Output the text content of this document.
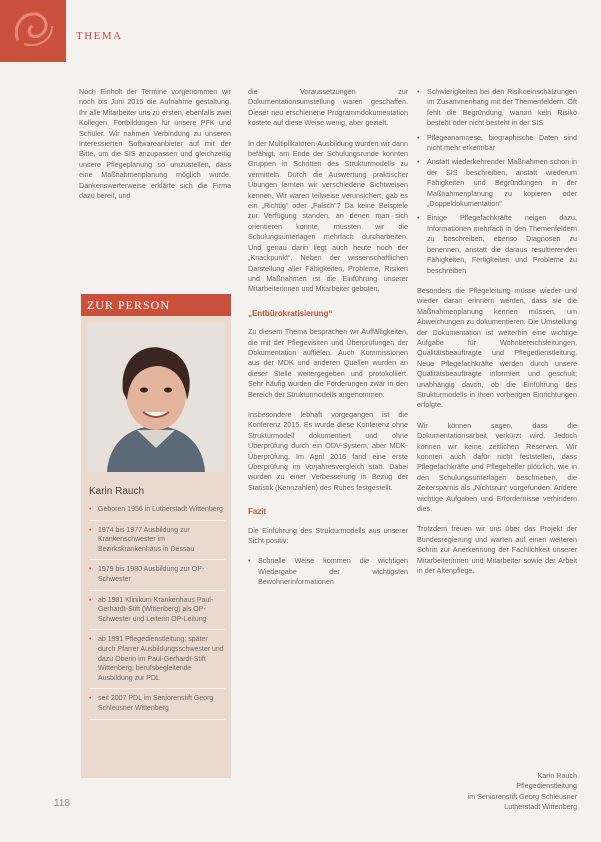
THEMA

Noch Einholt der Termine vorgenommen wir noch bis Juni 2015 die Aufnahme gestaltung. Ihr alle Mitarbeiter uns zu ersten, ebenfalls zwei Kollegen, Fortbildungen für unsere PFK und Schüler. Wir nahmen Verbindung zu unseren Interessierten Softwareanbieter auf mit der Bitte, um die SIS anzupassen und gleichzeitig unsere Pflegeplanung so umzustellen, dass eine Maßnahmenplanung möglich wurde. Dankenswerterweise erklärte sich die Firma dazu bereit, und

ZUR PERSON
Karin Rauch
• Geboren 1956 in Lutherstadt Wittenberg
• 1974 bis 1977 Ausbildung zur Krankenschwester im Bezirkskrankenhaus in Dessau
• 1979 bis 1980 Ausbildung zur OP-Schwester
• ab 1981 Klinikum Krankenhaus Paul-Gerhardt-Stift (Wittenberg) als OP-Schwester und Leiterin OP-Leitung
• ab 1991 Pflegedienstleitung; später durch Pfarrer Ausbildungsschwester und dazu Oberin im Paul-Gerhardt-Stift Wittenberg; berufsbegleitende Ausbildung zur PDL
• seit 2007 PDL im Seniorenstift Georg Schleusner Wittenberg

die Voraussetzungen zur Dokumentationsumstellung waren geschaffen. Dieser neu erschienene Programmdokumentation kostete auf diese Weise wenig, aber gezielt.

In der Multiplikatoren-Ausbildung wurden wir dann befähigt, am Ende der Schulungsrunde konnten Gruppen in Schritten des Strukturmodells zu vermitteln. Durch die Auswertung praktischer Übungen lernten wir verschiedene Sichtweisen kennen. Wir waren teilweise verunsichert, gab es ein „Richtig“ oder „Falsch“? Da keine Beispiele zur Verfügung standen, an denen man sich orientieren konnte, mussten wir die Schulungsunterlagen mehrfach durcharbeiten. Und genau darin liegt auch heute noch der „Knackpunkt“. Neben der wissenschaftlichen Darstellung aller Fähigkeiten, Probleme, Risiken und Maßnahmen ist die Einführung unserer Mitarbeiterinnen und Mitarbeiter geboten.

„Entbürokratisierung“

Zu diesem Thema besprachen wir Auffälligkeiten, die mit der Pflegevisiten und Überprüfungen der Dokumentation auffielen. Auch Kommissionen aus der MDK und anderen Quellen wurden an dieser Stelle weitergegeben und protokolliert. Sehr häufig wurden die Forderungen zwar in den Bereich der Strukturmodells angenommen.

Insbesondere lebhaft vorgegangen ist die Konferenz 2015. Es wurde diese Konferenz ohne Strukturmodell dokumentiert und ohne Überprüfung durch ein ODV-System, aber MDK-Überprüfung. Im April 2016 fand eine erste Überprüfung im Vorjahresvergleich statt. Dabei wurden zu einer Verbesserung in Bezug der Statistik (Kennzahlen) des Ruhes festgestellt.

Fazit

Die Einführung des Strukturmodells aus unserer Sicht positiv:

• Schnelle Weise kommen die wichtigen Wiedergabe der wichtigsten Bewohnerinformationen
• Schwierigkeiten bei den Risikoeinschätzungen im Zusammenhang mit der Themenfeldern. Oft fehlt die Begründung, warum kein Risiko besteht oder nicht besteht in der SIS
• Pflegeanamnese, biographische Daten sind nicht mehr erkennbar
• Anstatt wiederkehrender Maßnahmen schon in der SIS beschreiben, anstatt wiederum Fähigkeiten und Begründungen in der Maßnahmenplanung zu kopieren oder „Doppeldokumentation“
• Einige Pflegefachkräfte neigen dazu, Informationen mehrfach in den Themenfeldern zu beschreiben, ebenso Diagnosen zu benennen, anstatt die daraus resultierenden Fähigkeiten, Fertigkeiten und Probleme zu beschreiben

Besonders die Pflegeleitung müsse wieder und wieder daran erinnern werden, dass sie die Maßnahmenplanung kennen müssen, um Abweichungen zu dokumentieren. Die Umstellung der Dokumentation ist weiterhin eine wichtige Aufgabe für Wohnbereichsleitungen, Qualitätsbeauftragte und Pflegedienstleitung. Neue Pflegefachkräfte werden durch unsere Qualitätsbeauftragte informiert und geschult; unabhängig davon, ob die Einführung des Strukturmodells in ihren vorherigen Einrichtungen erfolgte.

Wir können sagen, dass die Dokumentationsarbeit verkürzt wird. Jedoch können wir keine zeitlichen Reserven. Wir konnten auch dafür nicht feststellen, dass Pflegefachkräfte und Pflegehelfer plötzlich, wie in den Schulungsunterlagen beschrieben, die Zeitersparnis als „Nichtsrun“ vorgefunden. Andere wichtige Aufgaben und Erfordernisse verhindern dies.

Trotzdem freuen wir uns über das Projekt der Bundesregierung und warten auf einen weiteren Schritt zur Anerkennung der Fachlichkeit unserer Mitarbeiterinnen und Mitarbeiter sowie der Arbeit in der Altenpflege.

Karin Rauch
Pflegedienstleitung
im Seniorenstift Georg Schleusner
Lutherstadt Wittenberg
118
